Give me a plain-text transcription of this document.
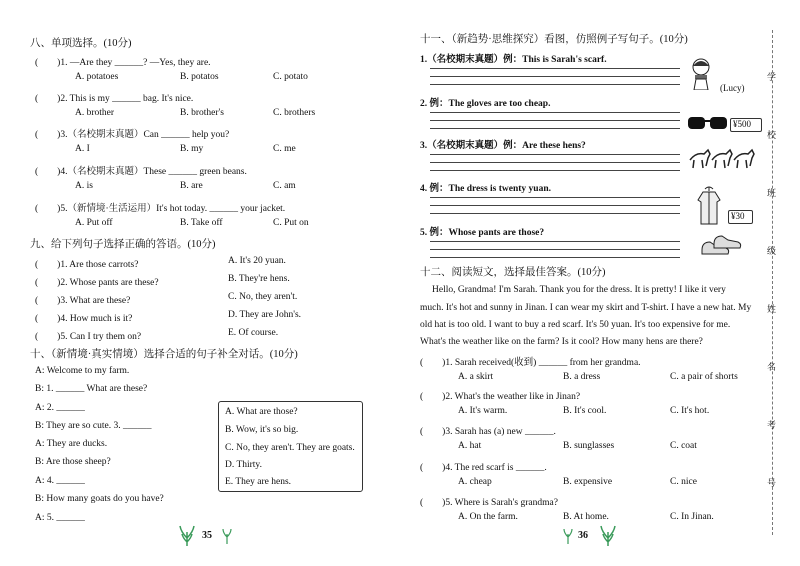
八、单项选择。(10分)
(　　)1. —Are they ______? —Yes, they are.
A. potatoes	B. potatos	C. potato
(　　)2. This is my ______ bag. It's nice.
A. brother	B. brother's	C. brothers
(　　)3.（名校期末真题）Can ______ help you?
A. I	B. my	C. me
(　　)4.（名校期末真题）These ______ green beans.
A. is	B. are	C. am
(　　)5.（新情境·生活运用）It's hot today. ______ your jacket.
A. Put off	B. Take off	C. Put on
九、给下列句子选择正确的答语。(10分)
(　　)1. Are those carrots?	A. It's 20 yuan.
(　　)2. Whose pants are these?	B. They're hens.
(　　)3. What are these?	C. No, they aren't.
(　　)4. How much is it?	D. They are John's.
(　　)5. Can I try them on?	E. Of course.
十、（新情境·真实情境）选择合适的句子补全对话。(10分)
A: Welcome to my farm.
B: 1. ______ What are these?
A: 2. ______
B: They are so cute. 3. ______
A: They are ducks.
B: Are those sheep?
A: 4. ______
B: How many goats do you have?
A: 5. ______
A. What are those?
B. Wow, it's so big.
C. No, they aren't. They are goats.
D. Thirty.
E. They are hens.
35
十一、（新趋势·思维探究）看图，仿照例子写句子。(10分)
1.（名校期末真题）例：This is Sarah's scarf.
(Lucy)
2. 例：The gloves are too cheap.
¥500
3.（名校期末真题）例：Are these hens?
4. 例：The dress is twenty yuan.
¥30
5. 例：Whose pants are those?
十二、阅读短文，选择最佳答案。(10分)
Hello, Grandma! I'm Sarah. Thank you for the dress. It is pretty! I like it very
much. It's hot and sunny in Jinan. I can wear my skirt and T-shirt. I have a new hat. My
old hat is too old. I want to buy a red scarf. It's 50 yuan. It's too expensive for me.
What's the weather like on the farm? Is it cool? How many hens are there?
(　　)1. Sarah received(收到) ______ from her grandma.
A. a skirt	B. a dress	C. a pair of shorts
(　　)2. What's the weather like in Jinan?
A. It's warm.	B. It's cool.	C. It's hot.
(　　)3. Sarah has (a) new ______.
A. hat	B. sunglasses	C. coat
(　　)4. The red scarf is ______.
A. cheap	B. expensive	C. nice
(　　)5. Where is Sarah's grandma?
A. On the farm.	B. At home.	C. In Jinan.
36
学
校
班
级
姓
名
考
号
